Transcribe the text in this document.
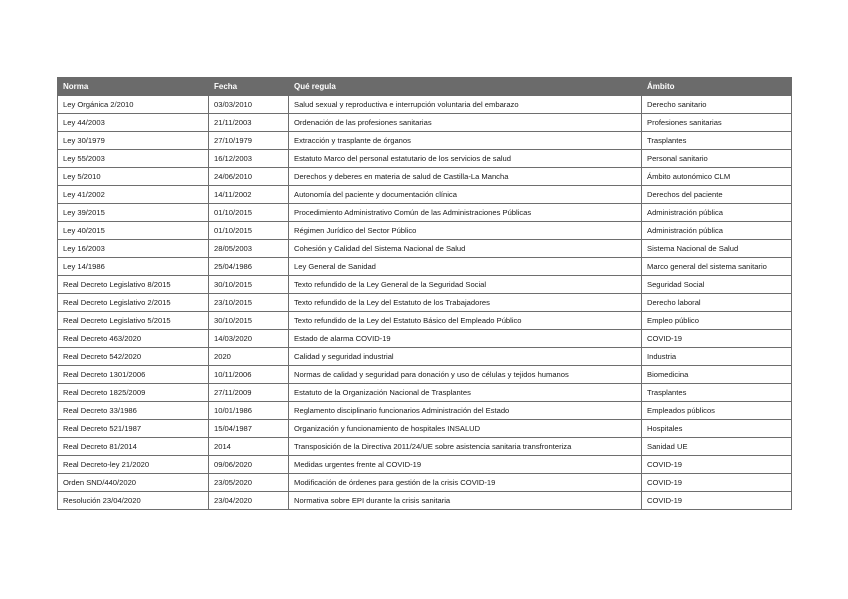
Norma	Fecha	Qué regula	Ámbito
Ley Orgánica 2/2010	03/03/2010	Salud sexual y reproductiva e interrupción voluntaria del embarazo	Derecho sanitario
Ley 44/2003	21/11/2003	Ordenación de las profesiones sanitarias	Profesiones sanitarias
Ley 30/1979	27/10/1979	Extracción y trasplante de órganos	Trasplantes
Ley 55/2003	16/12/2003	Estatuto Marco del personal estatutario de los servicios de salud	Personal sanitario
Ley 5/2010	24/06/2010	Derechos y deberes en materia de salud de Castilla-La Mancha	Ámbito autonómico CLM
Ley 41/2002	14/11/2002	Autonomía del paciente y documentación clínica	Derechos del paciente
Ley 39/2015	01/10/2015	Procedimiento Administrativo Común de las Administraciones Públicas	Administración pública
Ley 40/2015	01/10/2015	Régimen Jurídico del Sector Público	Administración pública
Ley 16/2003	28/05/2003	Cohesión y Calidad del Sistema Nacional de Salud	Sistema Nacional de Salud
Ley 14/1986	25/04/1986	Ley General de Sanidad	Marco general del sistema sanitario
Real Decreto Legislativo 8/2015	30/10/2015	Texto refundido de la Ley General de la Seguridad Social	Seguridad Social
Real Decreto Legislativo 2/2015	23/10/2015	Texto refundido de la Ley del Estatuto de los Trabajadores	Derecho laboral
Real Decreto Legislativo 5/2015	30/10/2015	Texto refundido de la Ley del Estatuto Básico del Empleado Público	Empleo público
Real Decreto 463/2020	14/03/2020	Estado de alarma COVID-19	COVID-19
Real Decreto 542/2020	2020	Calidad y seguridad industrial	Industria
Real Decreto 1301/2006	10/11/2006	Normas de calidad y seguridad para donación y uso de células y tejidos humanos	Biomedicina
Real Decreto 1825/2009	27/11/2009	Estatuto de la Organización Nacional de Trasplantes	Trasplantes
Real Decreto 33/1986	10/01/1986	Reglamento disciplinario funcionarios Administración del Estado	Empleados públicos
Real Decreto 521/1987	15/04/1987	Organización y funcionamiento de hospitales INSALUD	Hospitales
Real Decreto 81/2014	2014	Transposición de la Directiva 2011/24/UE sobre asistencia sanitaria transfronteriza	Sanidad UE
Real Decreto-ley 21/2020	09/06/2020	Medidas urgentes frente al COVID-19	COVID-19
Orden SND/440/2020	23/05/2020	Modificación de órdenes para gestión de la crisis COVID-19	COVID-19
Resolución 23/04/2020	23/04/2020	Normativa sobre EPI durante la crisis sanitaria	COVID-19
